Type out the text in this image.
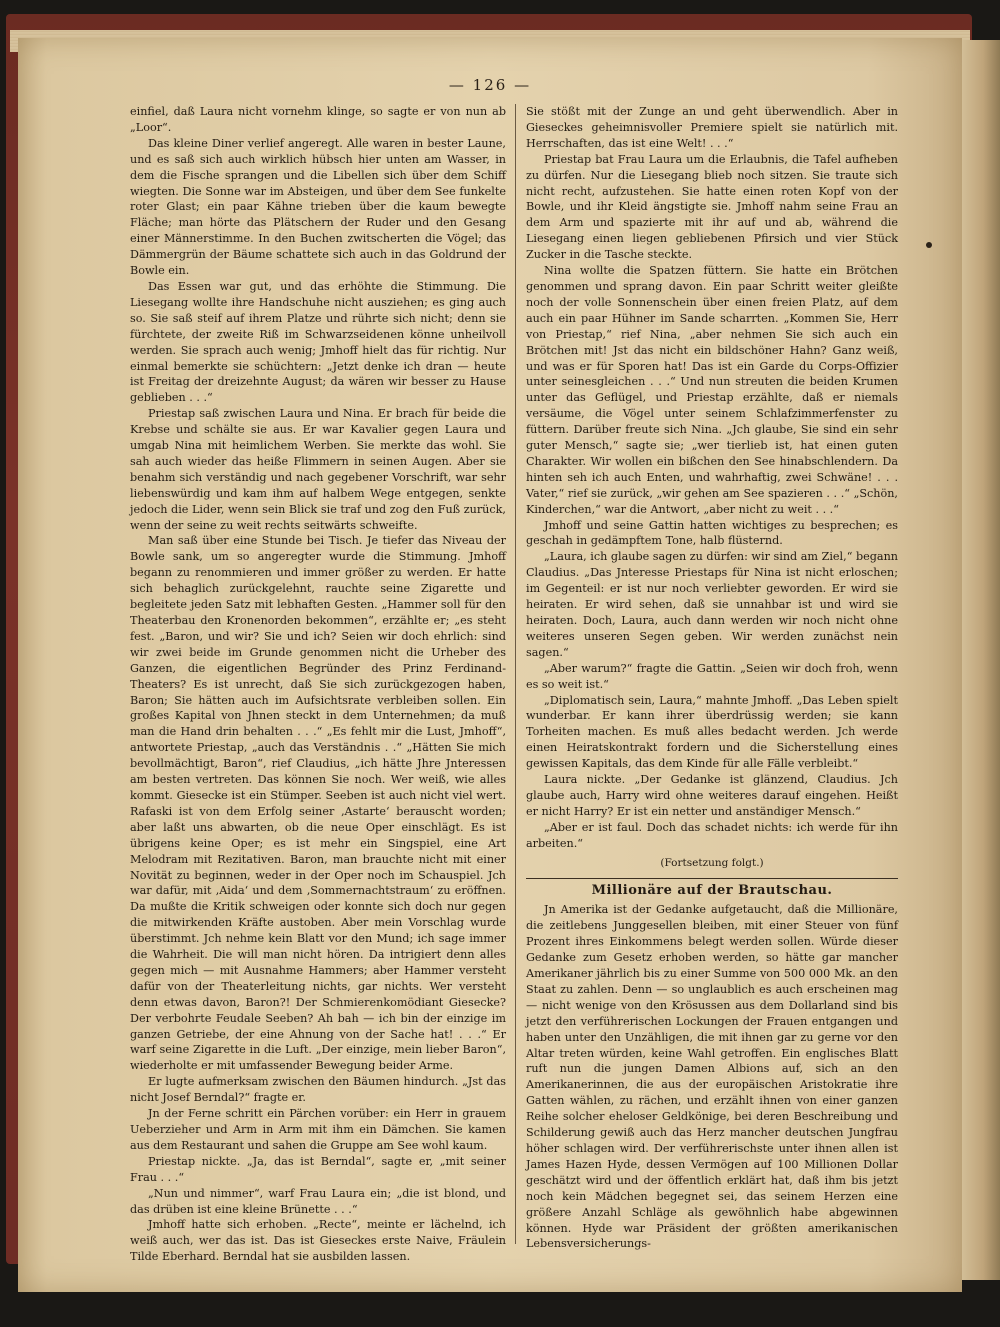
— 126 —

einfiel, daß Laura nicht vornehm klinge, so sagte er von nun ab „Loor“.

Das kleine Diner verlief angeregt. Alle waren in bester Laune, und es saß sich auch wirklich hübsch hier unten am Wasser, in dem die Fische sprangen und die Libellen sich über dem Schiff wiegten. Die Sonne war im Absteigen, und über dem See funkelte roter Glast; ein paar Kähne trieben über die kaum bewegte Fläche; man hörte das Plätschern der Ruder und den Gesang einer Männerstimme. In den Buchen zwitscherten die Vögel; das Dämmergrün der Bäume schattete sich auch in das Goldrund der Bowle ein.

Das Essen war gut, und das erhöhte die Stimmung. Die Liesegang wollte ihre Handschuhe nicht ausziehen; es ging auch so. Sie saß steif auf ihrem Platze und rührte sich nicht; denn sie fürchtete, der zweite Riß im Schwarzseidenen könne unheilvoll werden. Sie sprach auch wenig; Jmhoff hielt das für richtig. Nur einmal bemerkte sie schüchtern: „Jetzt denke ich dran — heute ist Freitag der dreizehnte August; da wären wir besser zu Hause geblieben . . .“

Priestap saß zwischen Laura und Nina. Er brach für beide die Krebse und schälte sie aus. Er war Kavalier gegen Laura und umgab Nina mit heimlichem Werben. Sie merkte das wohl. Sie sah auch wieder das heiße Flimmern in seinen Augen. Aber sie benahm sich verständig und nach gegebener Vorschrift, war sehr liebenswürdig und kam ihm auf halbem Wege entgegen, senkte jedoch die Lider, wenn sein Blick sie traf und zog den Fuß zurück, wenn der seine zu weit rechts seitwärts schweifte.

Man saß über eine Stunde bei Tisch. Je tiefer das Niveau der Bowle sank, um so angeregter wurde die Stimmung. Jmhoff begann zu renommieren und immer größer zu werden. Er hatte sich behaglich zurückgelehnt, rauchte seine Zigarette und begleitete jeden Satz mit lebhaften Gesten. „Hammer soll für den Theaterbau den Kronenorden bekommen“, erzählte er; „es steht fest. „Baron, und wir? Sie und ich? Seien wir doch ehrlich: sind wir zwei beide im Grunde genommen nicht die Urheber des Ganzen, die eigentlichen Begründer des Prinz Ferdinand-Theaters? Es ist unrecht, daß Sie sich zurückgezogen haben, Baron; Sie hätten auch im Aufsichtsrate verbleiben sollen. Ein großes Kapital von Jhnen steckt in dem Unternehmen; da muß man die Hand drin behalten . . .“ „Es fehlt mir die Lust, Jmhoff“, antwortete Priestap, „auch das Verständnis . .“ „Hätten Sie mich bevollmächtigt, Baron“, rief Claudius, „ich hätte Jhre Jnteressen am besten vertreten. Das können Sie noch. Wer weiß, wie alles kommt. Giesecke ist ein Stümper. Seeben ist auch nicht viel wert. Rafaski ist von dem Erfolg seiner ‚Astarte‘ berauscht worden; aber laßt uns abwarten, ob die neue Oper einschlägt. Es ist übrigens keine Oper; es ist mehr ein Singspiel, eine Art Melodram mit Rezitativen. Baron, man brauchte nicht mit einer Novität zu beginnen, weder in der Oper noch im Schauspiel. Jch war dafür, mit ‚Aida‘ und dem ‚Sommernachtstraum‘ zu eröffnen. Da mußte die Kritik schweigen oder konnte sich doch nur gegen die mitwirkenden Kräfte austoben. Aber mein Vorschlag wurde überstimmt. Jch nehme kein Blatt vor den Mund; ich sage immer die Wahrheit. Die will man nicht hören. Da intrigiert denn alles gegen mich — mit Ausnahme Hammers; aber Hammer versteht dafür von der Theaterleitung nichts, gar nichts. Wer versteht denn etwas davon, Baron?! Der Schmierenkomödiant Giesecke? Der verbohrte Feudale Seeben? Ah bah — ich bin der einzige im ganzen Getriebe, der eine Ahnung von der Sache hat! . . .“ Er warf seine Zigarette in die Luft. „Der einzige, mein lieber Baron“, wiederholte er mit umfassender Bewegung beider Arme.

Er lugte aufmerksam zwischen den Bäumen hindurch. „Jst das nicht Josef Berndal?“ fragte er.

Jn der Ferne schritt ein Pärchen vorüber: ein Herr in grauem Ueberzieher und Arm in Arm mit ihm ein Dämchen. Sie kamen aus dem Restaurant und sahen die Gruppe am See wohl kaum.

Priestap nickte. „Ja, das ist Berndal“, sagte er, „mit seiner Frau . . .“

„Nun und nimmer“, warf Frau Laura ein; „die ist blond, und das drüben ist eine kleine Brünette . . .“

Jmhoff hatte sich erhoben. „Recte“, meinte er lächelnd, ich weiß auch, wer das ist. Das ist Gieseckes erste Naive, Fräulein Tilde Eberhard. Berndal hat sie ausbilden lassen.

Sie stößt mit der Zunge an und geht überwendlich. Aber in Gieseckes geheimnisvoller Premiere spielt sie natürlich mit. Herrschaften, das ist eine Welt! . . .“

Priestap bat Frau Laura um die Erlaubnis, die Tafel aufheben zu dürfen. Nur die Liesegang blieb noch sitzen. Sie traute sich nicht recht, aufzustehen. Sie hatte einen roten Kopf von der Bowle, und ihr Kleid ängstigte sie. Jmhoff nahm seine Frau an dem Arm und spazierte mit ihr auf und ab, während die Liesegang einen liegen gebliebenen Pfirsich und vier Stück Zucker in die Tasche steckte.

Nina wollte die Spatzen füttern. Sie hatte ein Brötchen genommen und sprang davon. Ein paar Schritt weiter gleißte noch der volle Sonnenschein über einen freien Platz, auf dem auch ein paar Hühner im Sande scharrten. „Kommen Sie, Herr von Priestap,“ rief Nina, „aber nehmen Sie sich auch ein Brötchen mit! Jst das nicht ein bildschöner Hahn? Ganz weiß, und was er für Sporen hat! Das ist ein Garde du Corps-Offizier unter seinesgleichen . . .“ Und nun streuten die beiden Krumen unter das Geflügel, und Priestap erzählte, daß er niemals versäume, die Vögel unter seinem Schlafzimmerfenster zu füttern. Darüber freute sich Nina. „Jch glaube, Sie sind ein sehr guter Mensch,“ sagte sie; „wer tierlieb ist, hat einen guten Charakter. Wir wollen ein bißchen den See hinabschlendern. Da hinten seh ich auch Enten, und wahrhaftig, zwei Schwäne! . . . Vater,“ rief sie zurück, „wir gehen am See spazieren . . .“ „Schön, Kinderchen,“ war die Antwort, „aber nicht zu weit . . .“

Jmhoff und seine Gattin hatten wichtiges zu besprechen; es geschah in gedämpftem Tone, halb flüsternd.

„Laura, ich glaube sagen zu dürfen: wir sind am Ziel,“ begann Claudius. „Das Jnteresse Priestaps für Nina ist nicht erloschen; im Gegenteil: er ist nur noch verliebter geworden. Er wird sie heiraten. Er wird sehen, daß sie unnahbar ist und wird sie heiraten. Doch, Laura, auch dann werden wir noch nicht ohne weiteres unseren Segen geben. Wir werden zunächst nein sagen.“

„Aber warum?“ fragte die Gattin. „Seien wir doch froh, wenn es so weit ist.“

„Diplomatisch sein, Laura,“ mahnte Jmhoff. „Das Leben spielt wunderbar. Er kann ihrer überdrüssig werden; sie kann Torheiten machen. Es muß alles bedacht werden. Jch werde einen Heiratskontrakt fordern und die Sicherstellung eines gewissen Kapitals, das dem Kinde für alle Fälle verbleibt.“

Laura nickte. „Der Gedanke ist glänzend, Claudius. Jch glaube auch, Harry wird ohne weiteres darauf eingehen. Heißt er nicht Harry? Er ist ein netter und anständiger Mensch.“

„Aber er ist faul. Doch das schadet nichts: ich werde für ihn arbeiten.“

(Fortsetzung folgt.)

Millionäre auf der Brautschau.

Jn Amerika ist der Gedanke aufgetaucht, daß die Millionäre, die zeitlebens Junggesellen bleiben, mit einer Steuer von fünf Prozent ihres Einkommens belegt werden sollen. Würde dieser Gedanke zum Gesetz erhoben werden, so hätte gar mancher Amerikaner jährlich bis zu einer Summe von 500 000 Mk. an den Staat zu zahlen. Denn — so unglaublich es auch erscheinen mag — nicht wenige von den Krösussen aus dem Dollarland sind bis jetzt den verführerischen Lockungen der Frauen entgangen und haben unter den Unzähligen, die mit ihnen gar zu gerne vor den Altar treten würden, keine Wahl getroffen. Ein englisches Blatt ruft nun die jungen Damen Albions auf, sich an den Amerikanerinnen, die aus der europäischen Aristokratie ihre Gatten wählen, zu rächen, und erzählt ihnen von einer ganzen Reihe solcher eheloser Geldkönige, bei deren Beschreibung und Schilderung gewiß auch das Herz mancher deutschen Jungfrau höher schlagen wird. Der verführerischste unter ihnen allen ist James Hazen Hyde, dessen Vermögen auf 100 Millionen Dollar geschätzt wird und der öffentlich erklärt hat, daß ihm bis jetzt noch kein Mädchen begegnet sei, das seinem Herzen eine größere Anzahl Schläge als gewöhnlich habe abgewinnen können. Hyde war Präsident der größten amerikanischen Lebensversicherungs-
